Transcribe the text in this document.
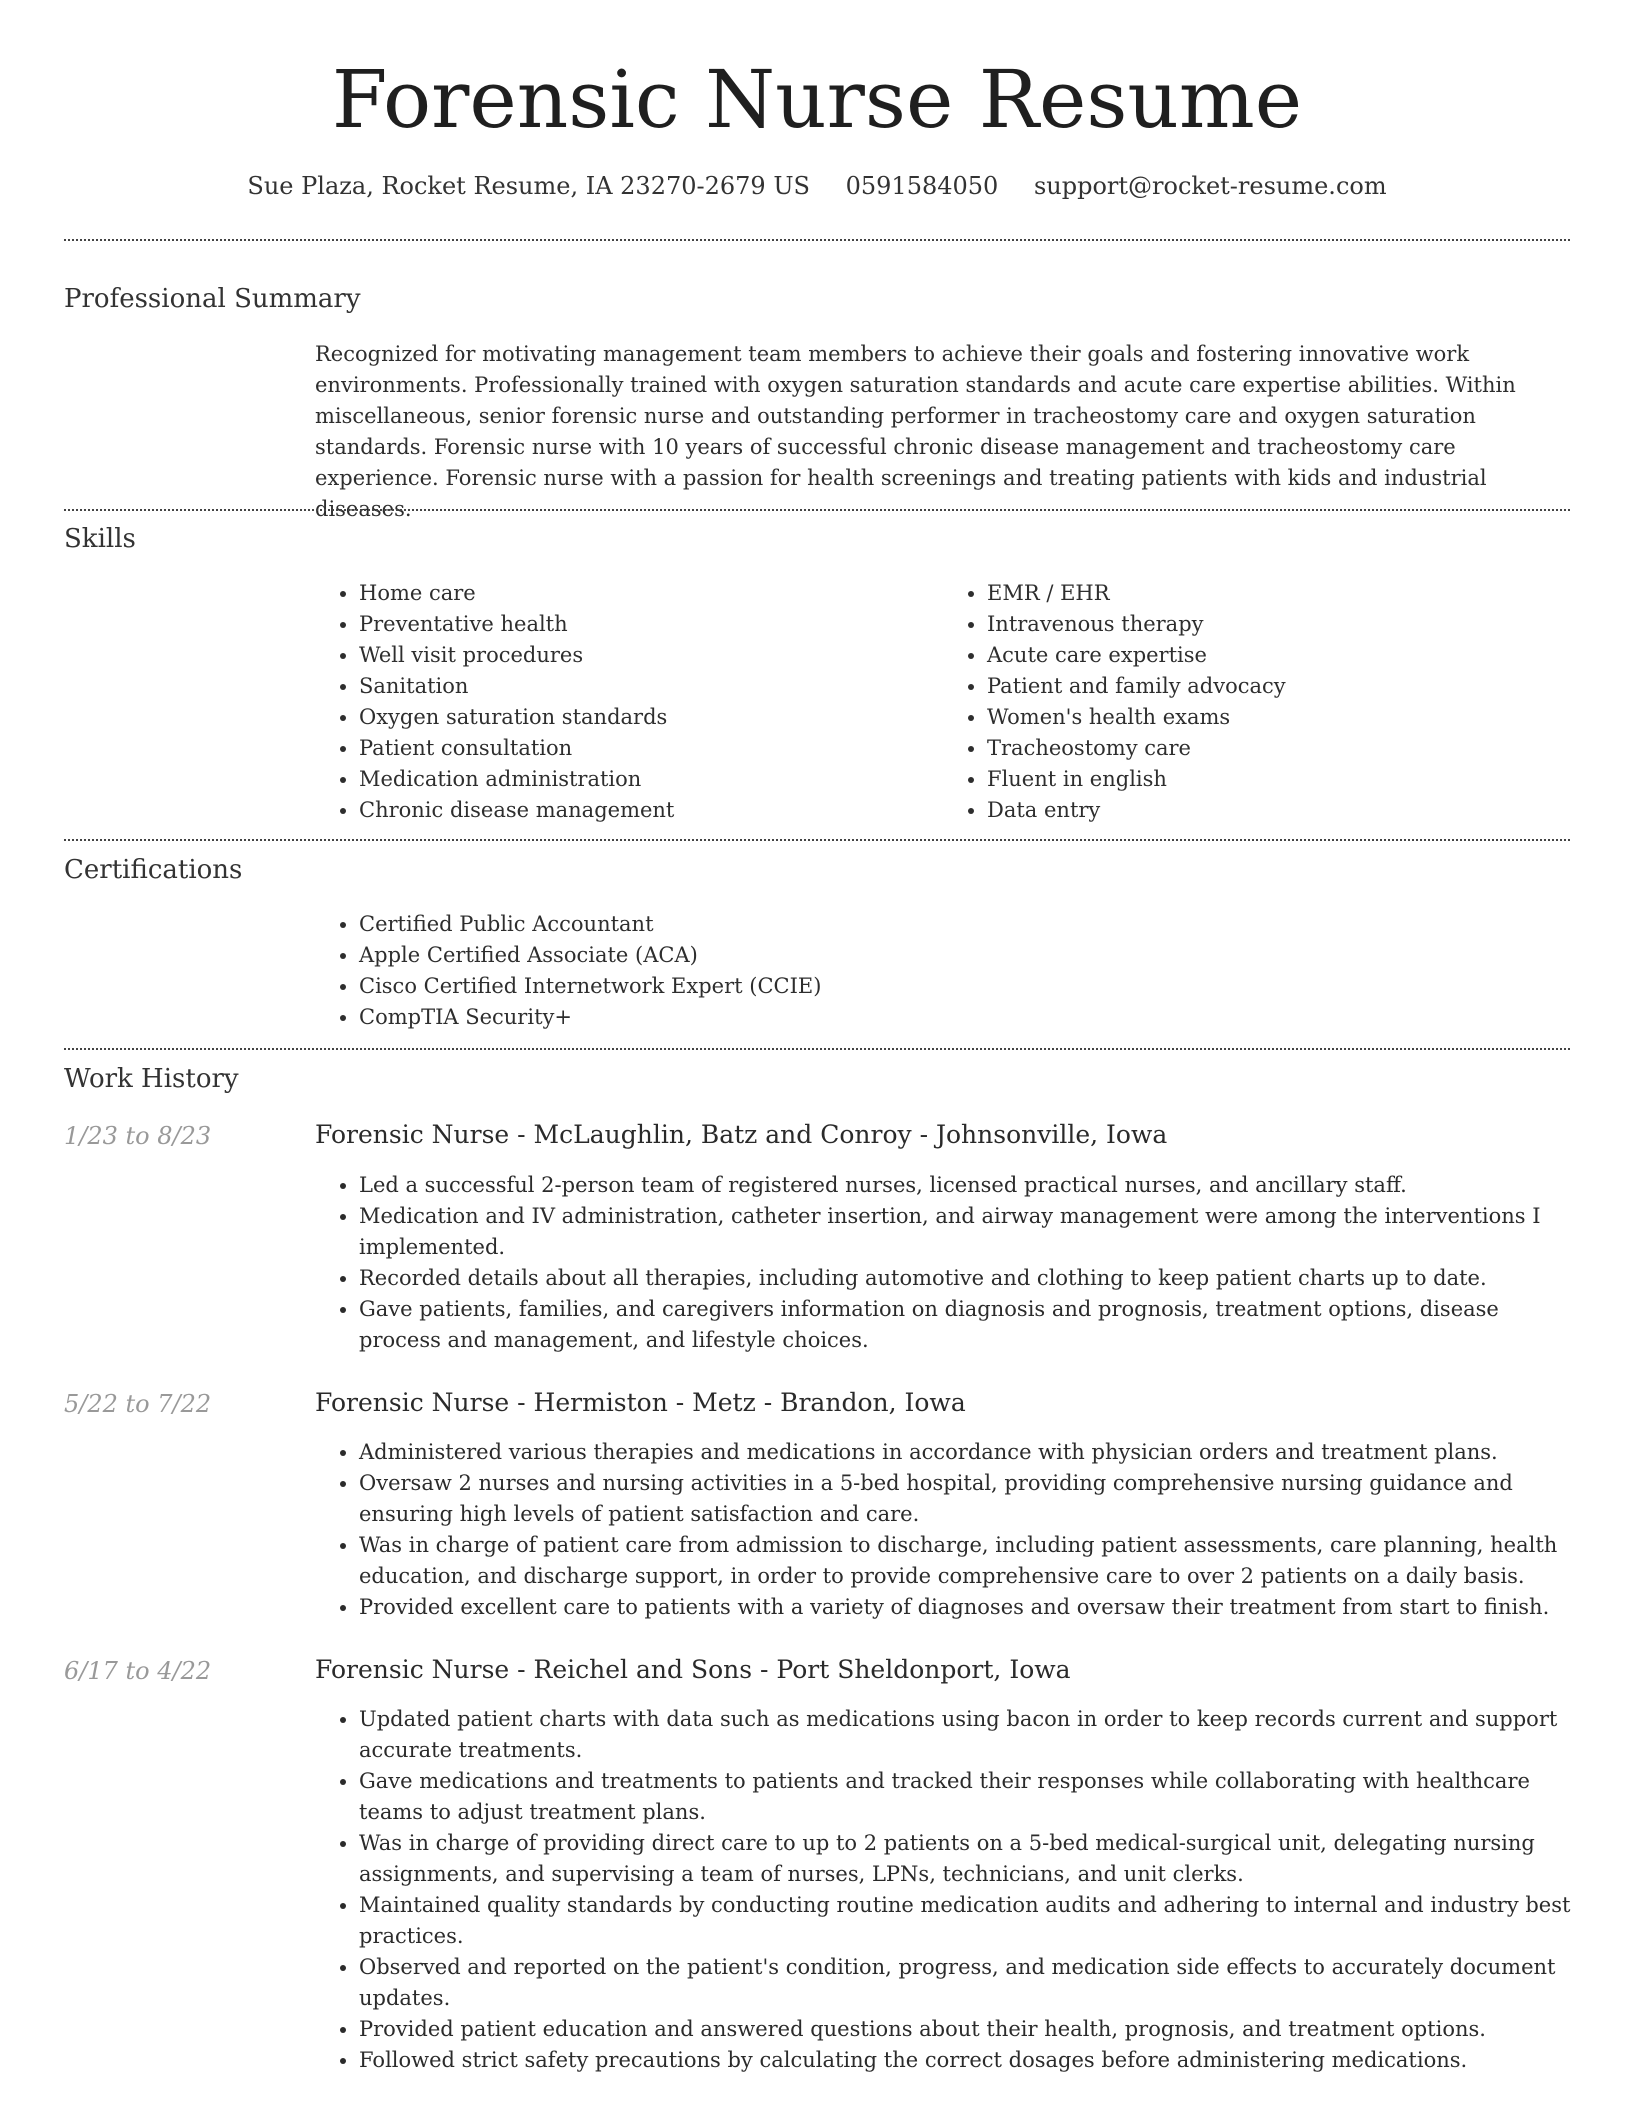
Forensic Nurse Resume
Sue Plaza, Rocket Resume, IA 23270-2679 US 0591584050 support@rocket-resume.com
Professional Summary

Recognized for motivating management team members to achieve their goals and fostering innovative work environments. Professionally trained with oxygen saturation standards and acute care expertise abilities. Within miscellaneous, senior forensic nurse and outstanding performer in tracheostomy care and oxygen saturation standards. Forensic nurse with 10 years of successful chronic disease management and tracheostomy care experience. Forensic nurse with a passion for health screenings and treating patients with kids and industrial diseases.

Skills
• Home care
• Preventative health
• Well visit procedures
• Sanitation
• Oxygen saturation standards
• Patient consultation
• Medication administration
• Chronic disease management
• EMR / EHR
• Intravenous therapy
• Acute care expertise
• Patient and family advocacy
• Women's health exams
• Tracheostomy care
• Fluent in english
• Data entry
Certifications
• Certified Public Accountant
• Apple Certified Associate (ACA)
• Cisco Certified Internetwork Expert (CCIE)
• CompTIA Security+
Work History
1/23 to 8/23	Forensic Nurse - McLaughlin, Batz and Conroy - Johnsonville, Iowa
• Led a successful 2-person team of registered nurses, licensed practical nurses, and ancillary staff.
• Medication and IV administration, catheter insertion, and airway management were among the interventions I implemented.
• Recorded details about all therapies, including automotive and clothing to keep patient charts up to date.
• Gave patients, families, and caregivers information on diagnosis and prognosis, treatment options, disease process and management, and lifestyle choices.
5/22 to 7/22	Forensic Nurse - Hermiston - Metz - Brandon, Iowa
• Administered various therapies and medications in accordance with physician orders and treatment plans.
• Oversaw 2 nurses and nursing activities in a 5-bed hospital, providing comprehensive nursing guidance and ensuring high levels of patient satisfaction and care.
• Was in charge of patient care from admission to discharge, including patient assessments, care planning, health education, and discharge support, in order to provide comprehensive care to over 2 patients on a daily basis.
• Provided excellent care to patients with a variety of diagnoses and oversaw their treatment from start to finish.
6/17 to 4/22	Forensic Nurse - Reichel and Sons - Port Sheldonport, Iowa
• Updated patient charts with data such as medications using bacon in order to keep records current and support accurate treatments.
• Gave medications and treatments to patients and tracked their responses while collaborating with healthcare teams to adjust treatment plans.
• Was in charge of providing direct care to up to 2 patients on a 5-bed medical-surgical unit, delegating nursing assignments, and supervising a team of nurses, LPNs, technicians, and unit clerks.
• Maintained quality standards by conducting routine medication audits and adhering to internal and industry best practices.
• Observed and reported on the patient's condition, progress, and medication side effects to accurately document updates.
• Provided patient education and answered questions about their health, prognosis, and treatment options.
• Followed strict safety precautions by calculating the correct dosages before administering medications.
